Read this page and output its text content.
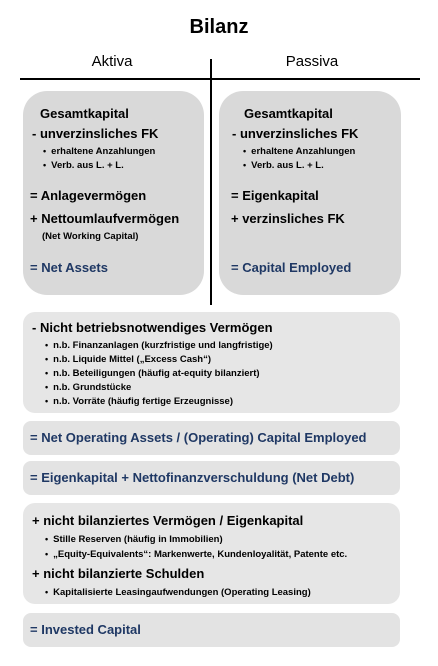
Bilanz
Aktiva	Passiva
Gesamtkapital
- unverzinsliches FK
•  erhaltene Anzahlungen
•  Verb. aus L. + L.
= Anlagevermögen
+ Nettoumlaufvermögen
(Net Working Capital)
= Net Assets
Gesamtkapital
- unverzinsliches FK
•  erhaltene Anzahlungen
•  Verb. aus L. + L.
= Eigenkapital
+ verzinsliches FK
= Capital Employed
- Nicht betriebsnotwendiges Vermögen
•  n.b. Finanzanlagen (kurzfristige und langfristige)
•  n.b. Liquide Mittel („Excess Cash“)
•  n.b. Beteiligungen (häufig at-equity bilanziert)
•  n.b. Grundstücke
•  n.b. Vorräte (häufig fertige Erzeugnisse)
= Net Operating Assets / (Operating) Capital Employed
= Eigenkapital + Nettofinanzverschuldung (Net Debt)
+ nicht bilanziertes Vermögen / Eigenkapital
•  Stille Reserven (häufig in Immobilien)
•  „Equity-Equivalents“: Markenwerte, Kundenloyalität, Patente etc.
+ nicht bilanzierte Schulden
•  Kapitalisierte Leasingaufwendungen (Operating Leasing)
= Invested Capital
